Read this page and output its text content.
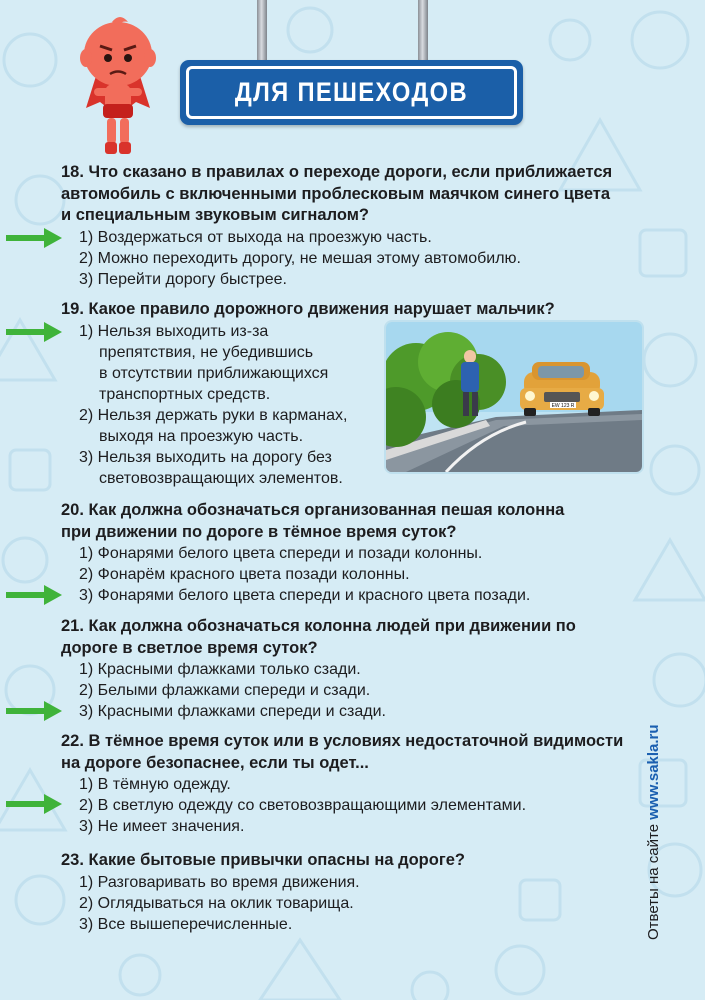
ДЛЯ ПЕШЕХОДОВ
18. Что сказано в правилах о переходе дороги, если приближается
автомобиль с включенными проблесковым маячком синего цвета
и специальным звуковым сигналом?
1) Воздержаться от выхода на проезжую часть.
2) Можно переходить дорогу, не мешая этому автомобилю.
3) Перейти дорогу быстрее.
19. Какое правило дорожного движения нарушает мальчик?
1) Нельзя выходить из-за
препятствия, не убедившись
в отсутствии приближающихся
транспортных средств.
2) Нельзя держать руки в карманах,
выходя на проезжую часть.
3) Нельзя выходить на дорогу без
световозвращающих элементов.
20. Как должна обозначаться организованная пешая колонна
при движении по дороге в тёмное время суток?
1) Фонарями белого цвета спереди и позади колонны.
2) Фонарём красного цвета позади колонны.
3) Фонарями белого цвета спереди и красного цвета позади.
21. Как должна обозначаться колонна людей при движении по
дороге в светлое время суток?
1) Красными флажками только сзади.
2) Белыми флажками спереди и сзади.
3) Красными флажками спереди и сзади.
22. В тёмное время суток или в условиях недостаточной видимости
на дороге безопаснее, если ты одет...
1) В тёмную одежду.
2) В светлую одежду со световозвращающими элементами.
3) Не имеет значения.
23. Какие бытовые привычки опасны на дороге?
1) Разговаривать во время движения.
2) Оглядываться на оклик товарища.
3) Все вышеперечисленные.
EW 123 R
Ответы на сайте www.sakla.ru
